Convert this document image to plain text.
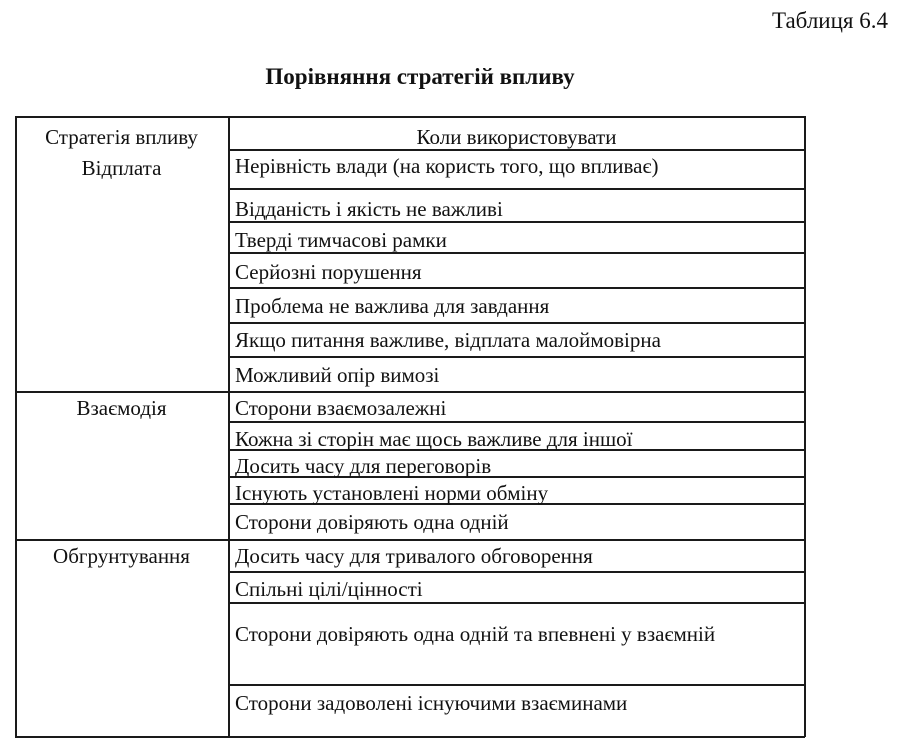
Таблиця 6.4
Порівняння стратегій впливу
Стратегія впливу	Коли використовувати
Відплата	Нерівність влади (на користь того, що впливає)
Відданість і якість не важливі
Тверді тимчасові рамки
Серйозні порушення
Проблема не важлива для завдання
Якщо питання важливе, відплата малоймовірна
Можливий опір вимозі
Взаємодія	Сторони взаємозалежні
Кожна зі сторін має щось важливе для іншої
Досить часу для переговорів
Існують установлені норми обміну
Сторони довіряють одна одній
Обгрунтування	Досить часу для тривалого обговорення
Спільні цілі/цінності
Сторони довіряють одна одній та впевнені у взаємній
Сторони задоволені існуючими взаєминами
